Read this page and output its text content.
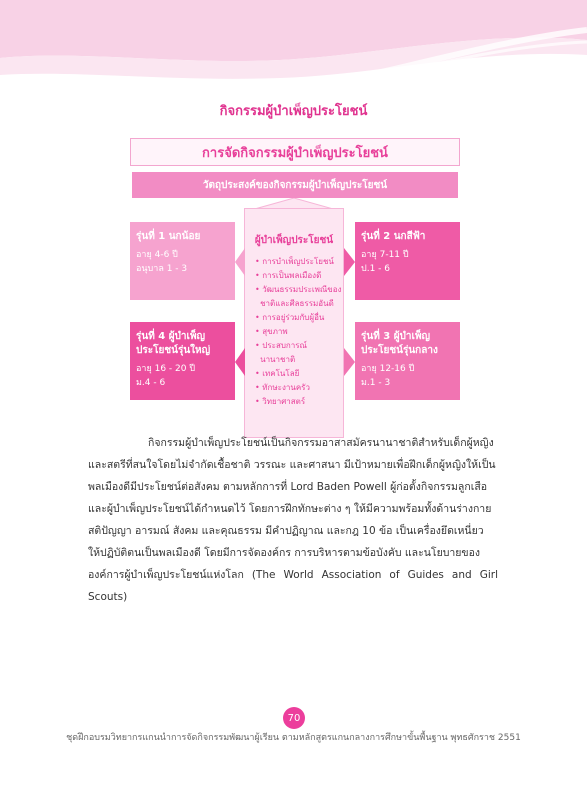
กิจกรรมผู้บำเพ็ญประโยชน์
การจัดกิจกรรมผู้บำเพ็ญประโยชน์
วัตถุประสงค์ของกิจกรรมผู้บำเพ็ญประโยชน์
ผู้บำเพ็ญประโยชน์
• การบำเพ็ญประโยชน์
• การเป็นพลเมืองดี
• วัฒนธรรมประเพณีของ
ชาติและศีลธรรมอันดี
• การอยู่ร่วมกับผู้อื่น
• สุขภาพ
• ประสบการณ์
นานาชาติ
• เทคโนโลยี
• ทักษะงานครัว
• วิทยาศาสตร์
รุ่นที่ 1 นกน้อย
อายุ 4-6 ปี
อนุบาล 1 - 3
รุ่นที่ 4 ผู้บำเพ็ญประโยชน์รุ่นใหญ่
อายุ 16 - 20 ปี
ม.4 - 6
รุ่นที่ 2 นกสีฟ้า
อายุ 7-11 ปี
ป.1 - 6
รุ่นที่ 3 ผู้บำเพ็ญประโยชน์รุ่นกลาง
อายุ 12-16 ปี
ม.1 - 3
กิจกรรมผู้บำเพ็ญประโยชน์เป็นกิจกรรมอาสาสมัครนานาชาติสำหรับเด็กผู้หญิง
และสตรีที่สนใจโดยไม่จำกัดเชื้อชาติ วรรณะ และศาสนา มีเป้าหมายเพื่อฝึกเด็กผู้หญิงให้เป็น
พลเมืองดีมีประโยชน์ต่อสังคม ตามหลักการที่ Lord Baden Powell ผู้ก่อตั้งกิจกรรมลูกเสือ
และผู้บำเพ็ญประโยชน์ได้กำหนดไว้ โดยการฝึกทักษะต่าง ๆ ให้มีความพร้อมทั้งด้านร่างกาย
สติปัญญา อารมณ์ สังคม และคุณธรรม มีคำปฏิญาณ และกฎ 10 ข้อ เป็นเครื่องยึดเหนี่ยว
ให้ปฏิบัติตนเป็นพลเมืองดี โดยมีการจัดองค์กร การบริหารตามข้อบังคับ และนโยบายของ
องค์การผู้บำเพ็ญประโยชน์แห่งโลก (The World Association of Guides and Girl Scouts)
70
ชุดฝึกอบรมวิทยากรแกนนำการจัดกิจกรรมพัฒนาผู้เรียน ตามหลักสูตรแกนกลางการศึกษาขั้นพื้นฐาน พุทธศักราช 2551
